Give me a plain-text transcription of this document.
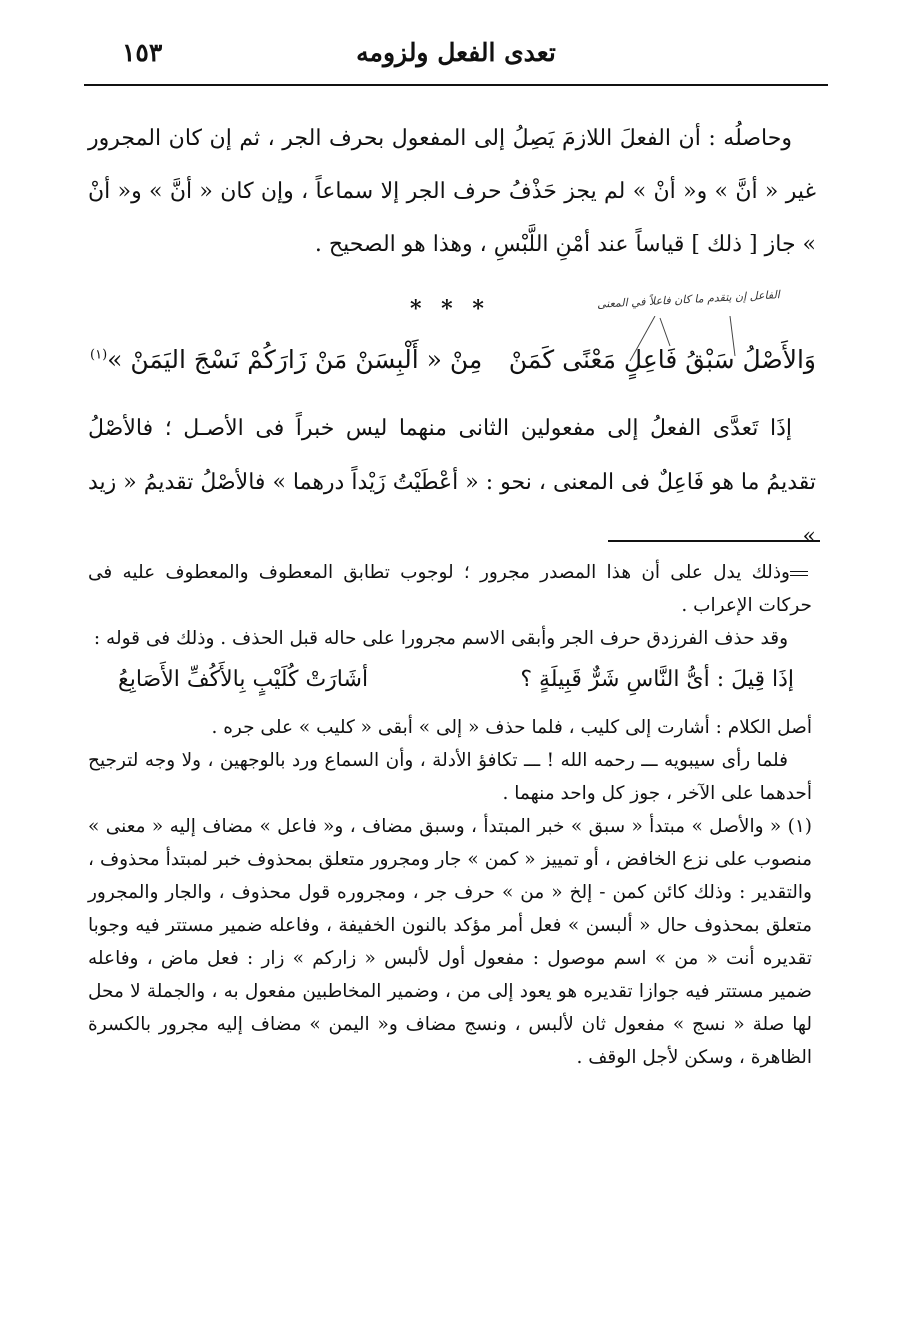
تعدى الفعل ولزومه
١٥٣

وحاصلُه : أن الفعلَ اللازمَ يَصِلُ إلى المفعول بحرف الجر ، ثم إن كان المجرور غير « أنَّ » و« أنْ » لم يجز حَذْفُ حرف الجر إلا سماعاً ، وإن كان « أنَّ » و« أنْ » جاز [ ذلك ] قياساً عند أمْنِ اللَّبْسِ ، وهذا هو الصحيح .

* * *	الفاعل إن يتقدم ما كان فاعلاً في المعنى
وَالأَصْلُ سَبْقُ فَاعِلٍ مَعْنًى كَمَنْ
مِنْ « أَلْبِسَنْ مَنْ زَارَكُمْ نَسْجَ اليَمَنْ »$^{(١)}$

إذَا تَعدَّى الفعلُ إلى مفعولين الثانى منهما ليس خبراً فى الأصـل ؛ فالأصْلُ تقديمُ ما هو فَاعِلٌ فى المعنى ، نحو : « أعْطَيْتُ زَيْداً درهما » فالأصْلُ تقديمُ « زيد »

وذلك يدل على أن هذا المصدر مجرور ؛ لوجوب تطابق المعطوف والمعطوف عليه فى حركات الإعراب .

وقد حذف الفرزدق حرف الجر وأبقى الاسم مجرورا على حاله قبل الحذف . وذلك فى قوله :

إذَا قِيلَ : أىُّ النَّاسِ شَرٌّ قَبِيلَةٍ ؟
أشَارَتْ كُلَيْبٍ بِالأَكُفِّ الأَصَابِعُ

أصل الكلام : أشارت إلى كليب ، فلما حذف « إلى » أبقى « كليب » على جره .

فلما رأى سيبويه ـــ رحمه الله ! ـــ تكافؤ الأدلة ، وأن السماع ورد بالوجهين ، ولا وجه لترجيح أحدهما على الآخر ، جوز كل واحد منهما .

(١) « والأصل » مبتدأ « سبق » خبر المبتدأ ، وسبق مضاف ، و« فاعل » مضاف إليه « معنى » منصوب على نزع الخافض ، أو تمييز « كمن » جار ومجرور متعلق بمحذوف خبر لمبتدأ محذوف ، والتقدير : وذلك كائن كمن - إلخ « من » حرف جر ، ومجروره قول محذوف ، والجار والمجرور متعلق بمحذوف حال « ألبسن » فعل أمر مؤكد بالنون الخفيفة ، وفاعله ضمير مستتر فيه وجوبا تقديره أنت « من » اسم موصول : مفعول أول لألبس « زاركم » زار : فعل ماض ، وفاعله ضمير مستتر فيه جوازا تقديره هو يعود إلى من ، وضمير المخاطبين مفعول به ، والجملة لا محل لها صلة « نسج » مفعول ثان لألبس ، ونسج مضاف و« اليمن » مضاف إليه مجرور بالكسرة الظاهرة ، وسكن لأجل الوقف .
